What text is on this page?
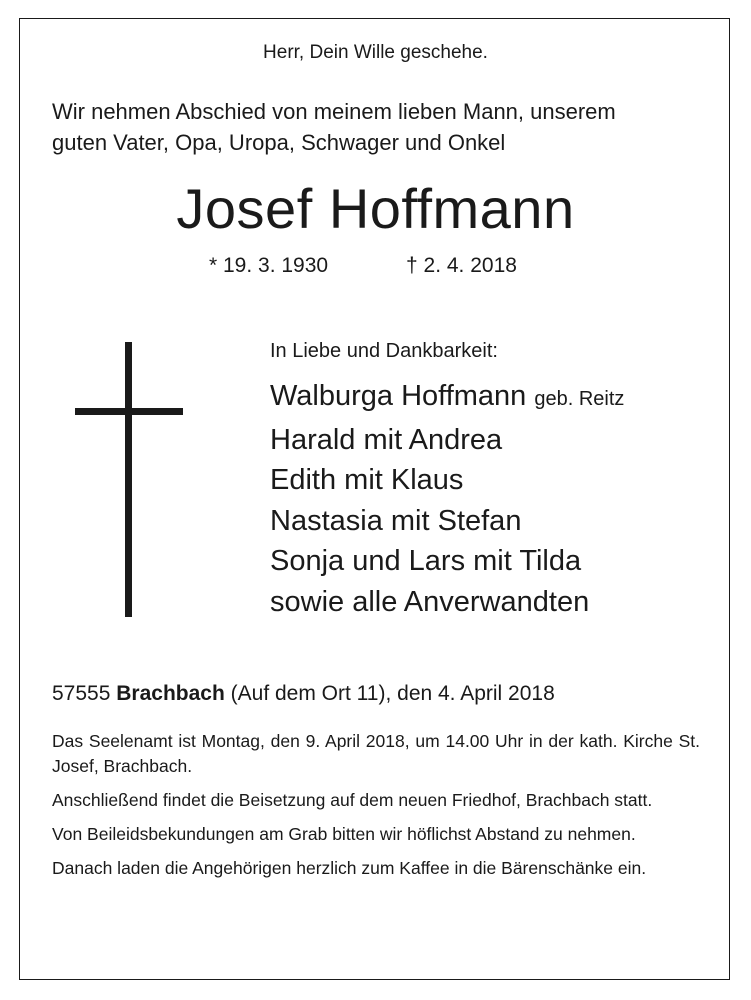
Herr, Dein Wille geschehe.
Wir nehmen Abschied von meinem lieben Mann, unserem
guten Vater, Opa, Uropa, Schwager und Onkel
Josef Hoffmann
* 19. 3. 1930	† 2. 4. 2018
In Liebe und Dankbarkeit:
Walburga Hoffmann geb. Reitz
Harald mit Andrea
Edith mit Klaus
Nastasia mit Stefan
Sonja und Lars mit Tilda
sowie alle Anverwandten
57555 Brachbach (Auf dem Ort 11), den 4. April 2018

Das Seelenamt ist Montag, den 9. April 2018, um 14.00 Uhr in der kath. Kirche St. Josef, Brachbach.

Anschließend findet die Beisetzung auf dem neuen Friedhof, Brachbach statt.

Von Beileidsbekundungen am Grab bitten wir höflichst Abstand zu nehmen.

Danach laden die Angehörigen herzlich zum Kaffee in die Bärenschänke ein.
